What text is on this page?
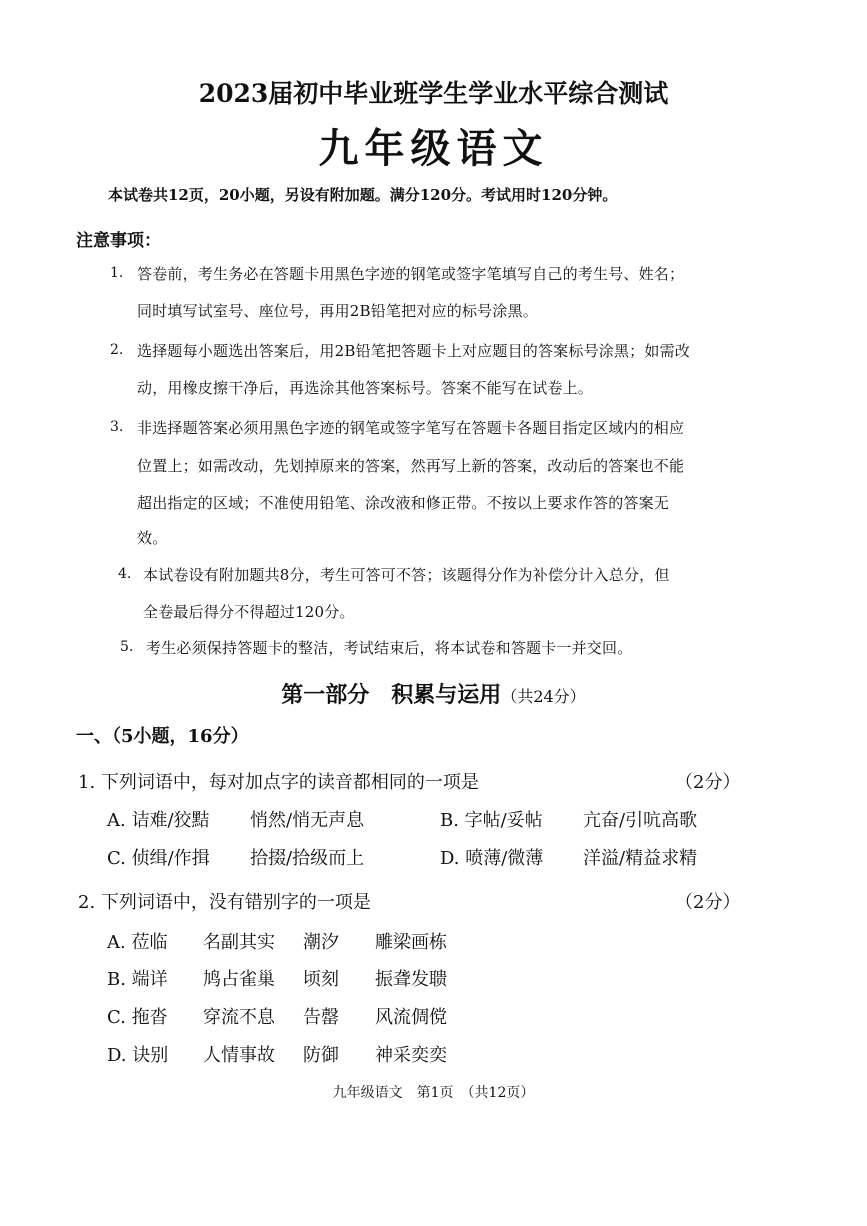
2023届初中毕业班学生学业水平综合测试
九年级语文
本试卷共12页，20小题，另设有附加题。满分120分。考试用时120分钟。
注意事项：
1. 答卷前，考生务必在答题卡用黑色字迹的钢笔或签字笔填写自己的考生号、姓名；
同时填写试室号、座位号，再用2B铅笔把对应的标号涂黑。
2. 选择题每小题选出答案后，用2B铅笔把答题卡上对应题目的答案标号涂黑；如需改
动，用橡皮擦干净后，再选涂其他答案标号。答案不能写在试卷上。
3. 非选择题答案必须用黑色字迹的钢笔或签字笔写在答题卡各题目指定区域内的相应
位置上；如需改动，先划掉原来的答案，然再写上新的答案，改动后的答案也不能
超出指定的区域；不准使用铅笔、涂改液和修正带。不按以上要求作答的答案无
效。
4. 本试卷设有附加题共8分，考生可答可不答；该题得分作为补偿分计入总分，但
全卷最后得分不得超过120分。
5. 考生必须保持答题卡的整洁，考试结束后，将本试卷和答题卡一并交回。
第一部分　积累与运用（共24分）
一、（5小题，16分）
1. 下列词语中，每对加点字的读音都相同的一项是	（2分）
A. 诘难/狡黠 悄然/悄无声息	B. 字帖/妥帖 亢奋/引吭高歌
C. 侦缉/作揖 拾掇/拾级而上	D. 喷薄/微薄 洋溢/精益求精
2. 下列词语中，没有错别字的一项是	（2分）
A. 莅临 名副其实 潮汐 雕梁画栋
B. 端详 鸠占雀巢 顷刻 振聋发聩
C. 拖沓 穿流不息 告罄 风流倜傥
D. 诀别 人情事故 防御 神采奕奕
九年级语文　第1页　（共12页）
